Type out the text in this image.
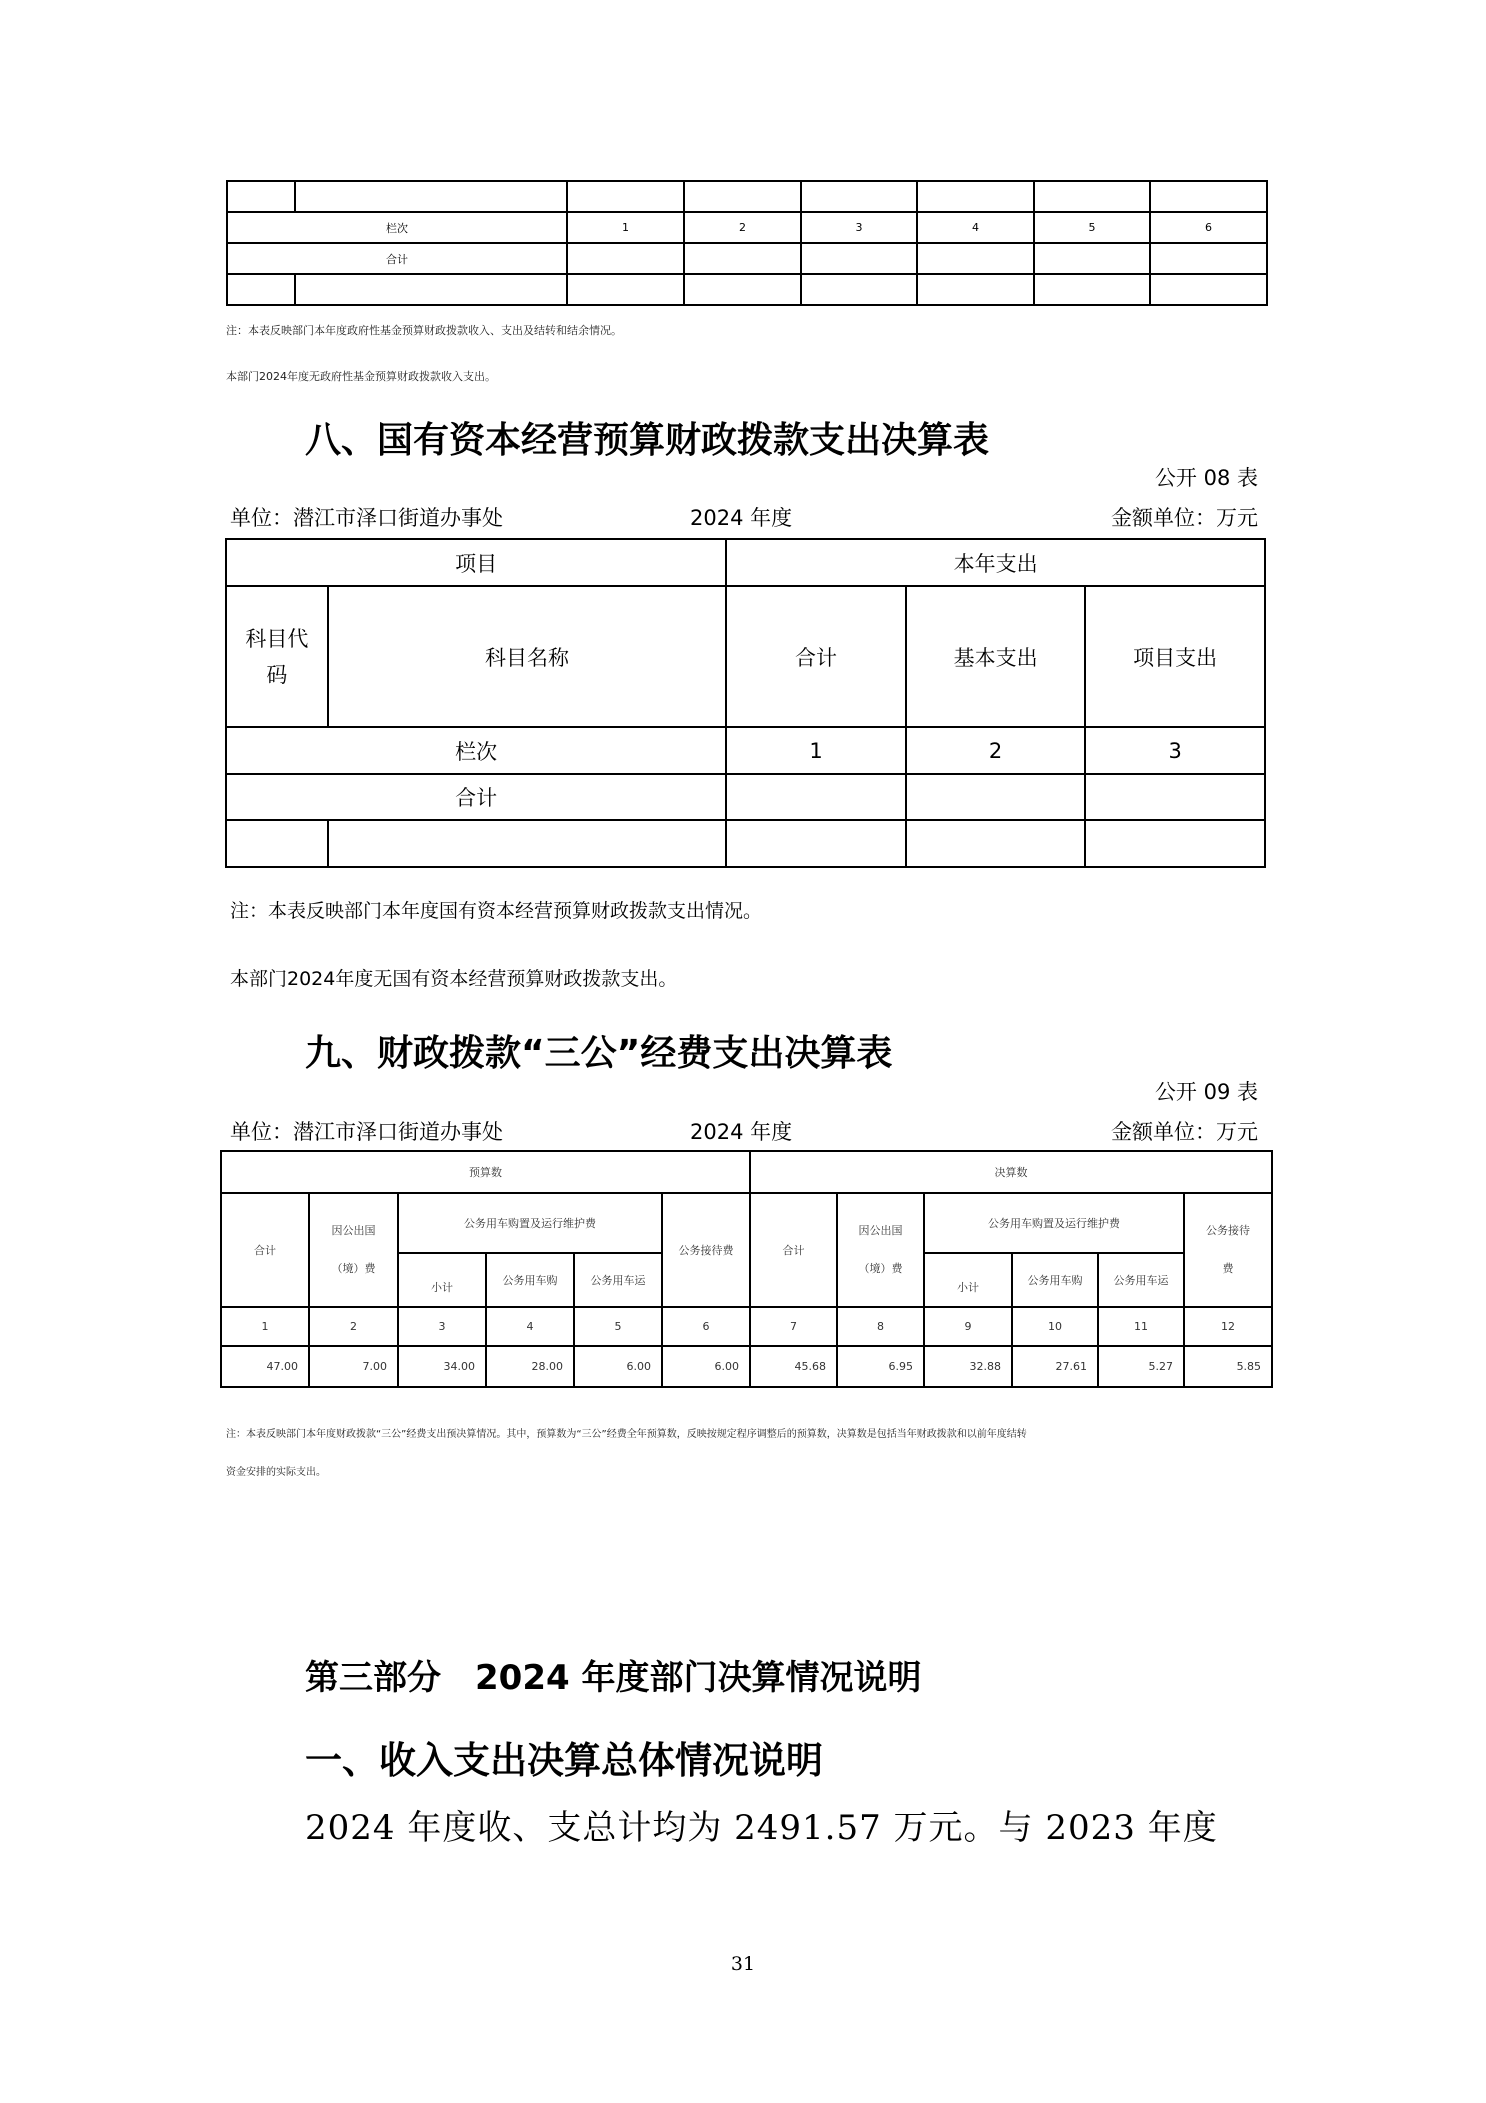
栏次		1	2	3	4	5	6
合计							

注：本表反映部门本年度政府性基金预算财政拨款收入、支出及结转和结余情况。
本部门2024年度无政府性基金预算财政拨款收入支出。
八、国有资本经营预算财政拨款支出决算表
公开 08 表
单位：潜江市泽口街道办事处	2024 年度	金额单位：万元
项目		本年支出		
科目代码	科目名称	合计	基本支出	项目支出
栏次		1	2	3
合计				

注：本表反映部门本年度国有资本经营预算财政拨款支出情况。
本部门2024年度无国有资本经营预算财政拨款支出。
九、财政拨款“三公”经费支出决算表
公开 09 表
单位：潜江市泽口街道办事处	2024 年度	金额单位：万元
预算数						决算数					
合计	因公出国（境）费	公务用车购置及运行维护费			公务接待费	合计	因公出国（境）费	公务用车购置及运行维护费			公务接待费
		小计	公务用车购	公务用车运				小计	公务用车购	公务用车运	
1	2	3	4	5	6	7	8	9	10	11	12
47.00	7.00	34.00	28.00	6.00	6.00	45.68	6.95	32.88	27.61	5.27	5.85
注：本表反映部门本年度财政拨款“三公”经费支出预决算情况。其中，预算数为“三公”经费全年预算数，反映按规定程序调整后的预算数，决算数是包括当年财政拨款和以前年度结转
资金安排的实际支出。
第三部分　2024 年度部门决算情况说明
一、收入支出决算总体情况说明
2024 年度收、支总计均为 2491.57 万元。与 2023 年度
31
